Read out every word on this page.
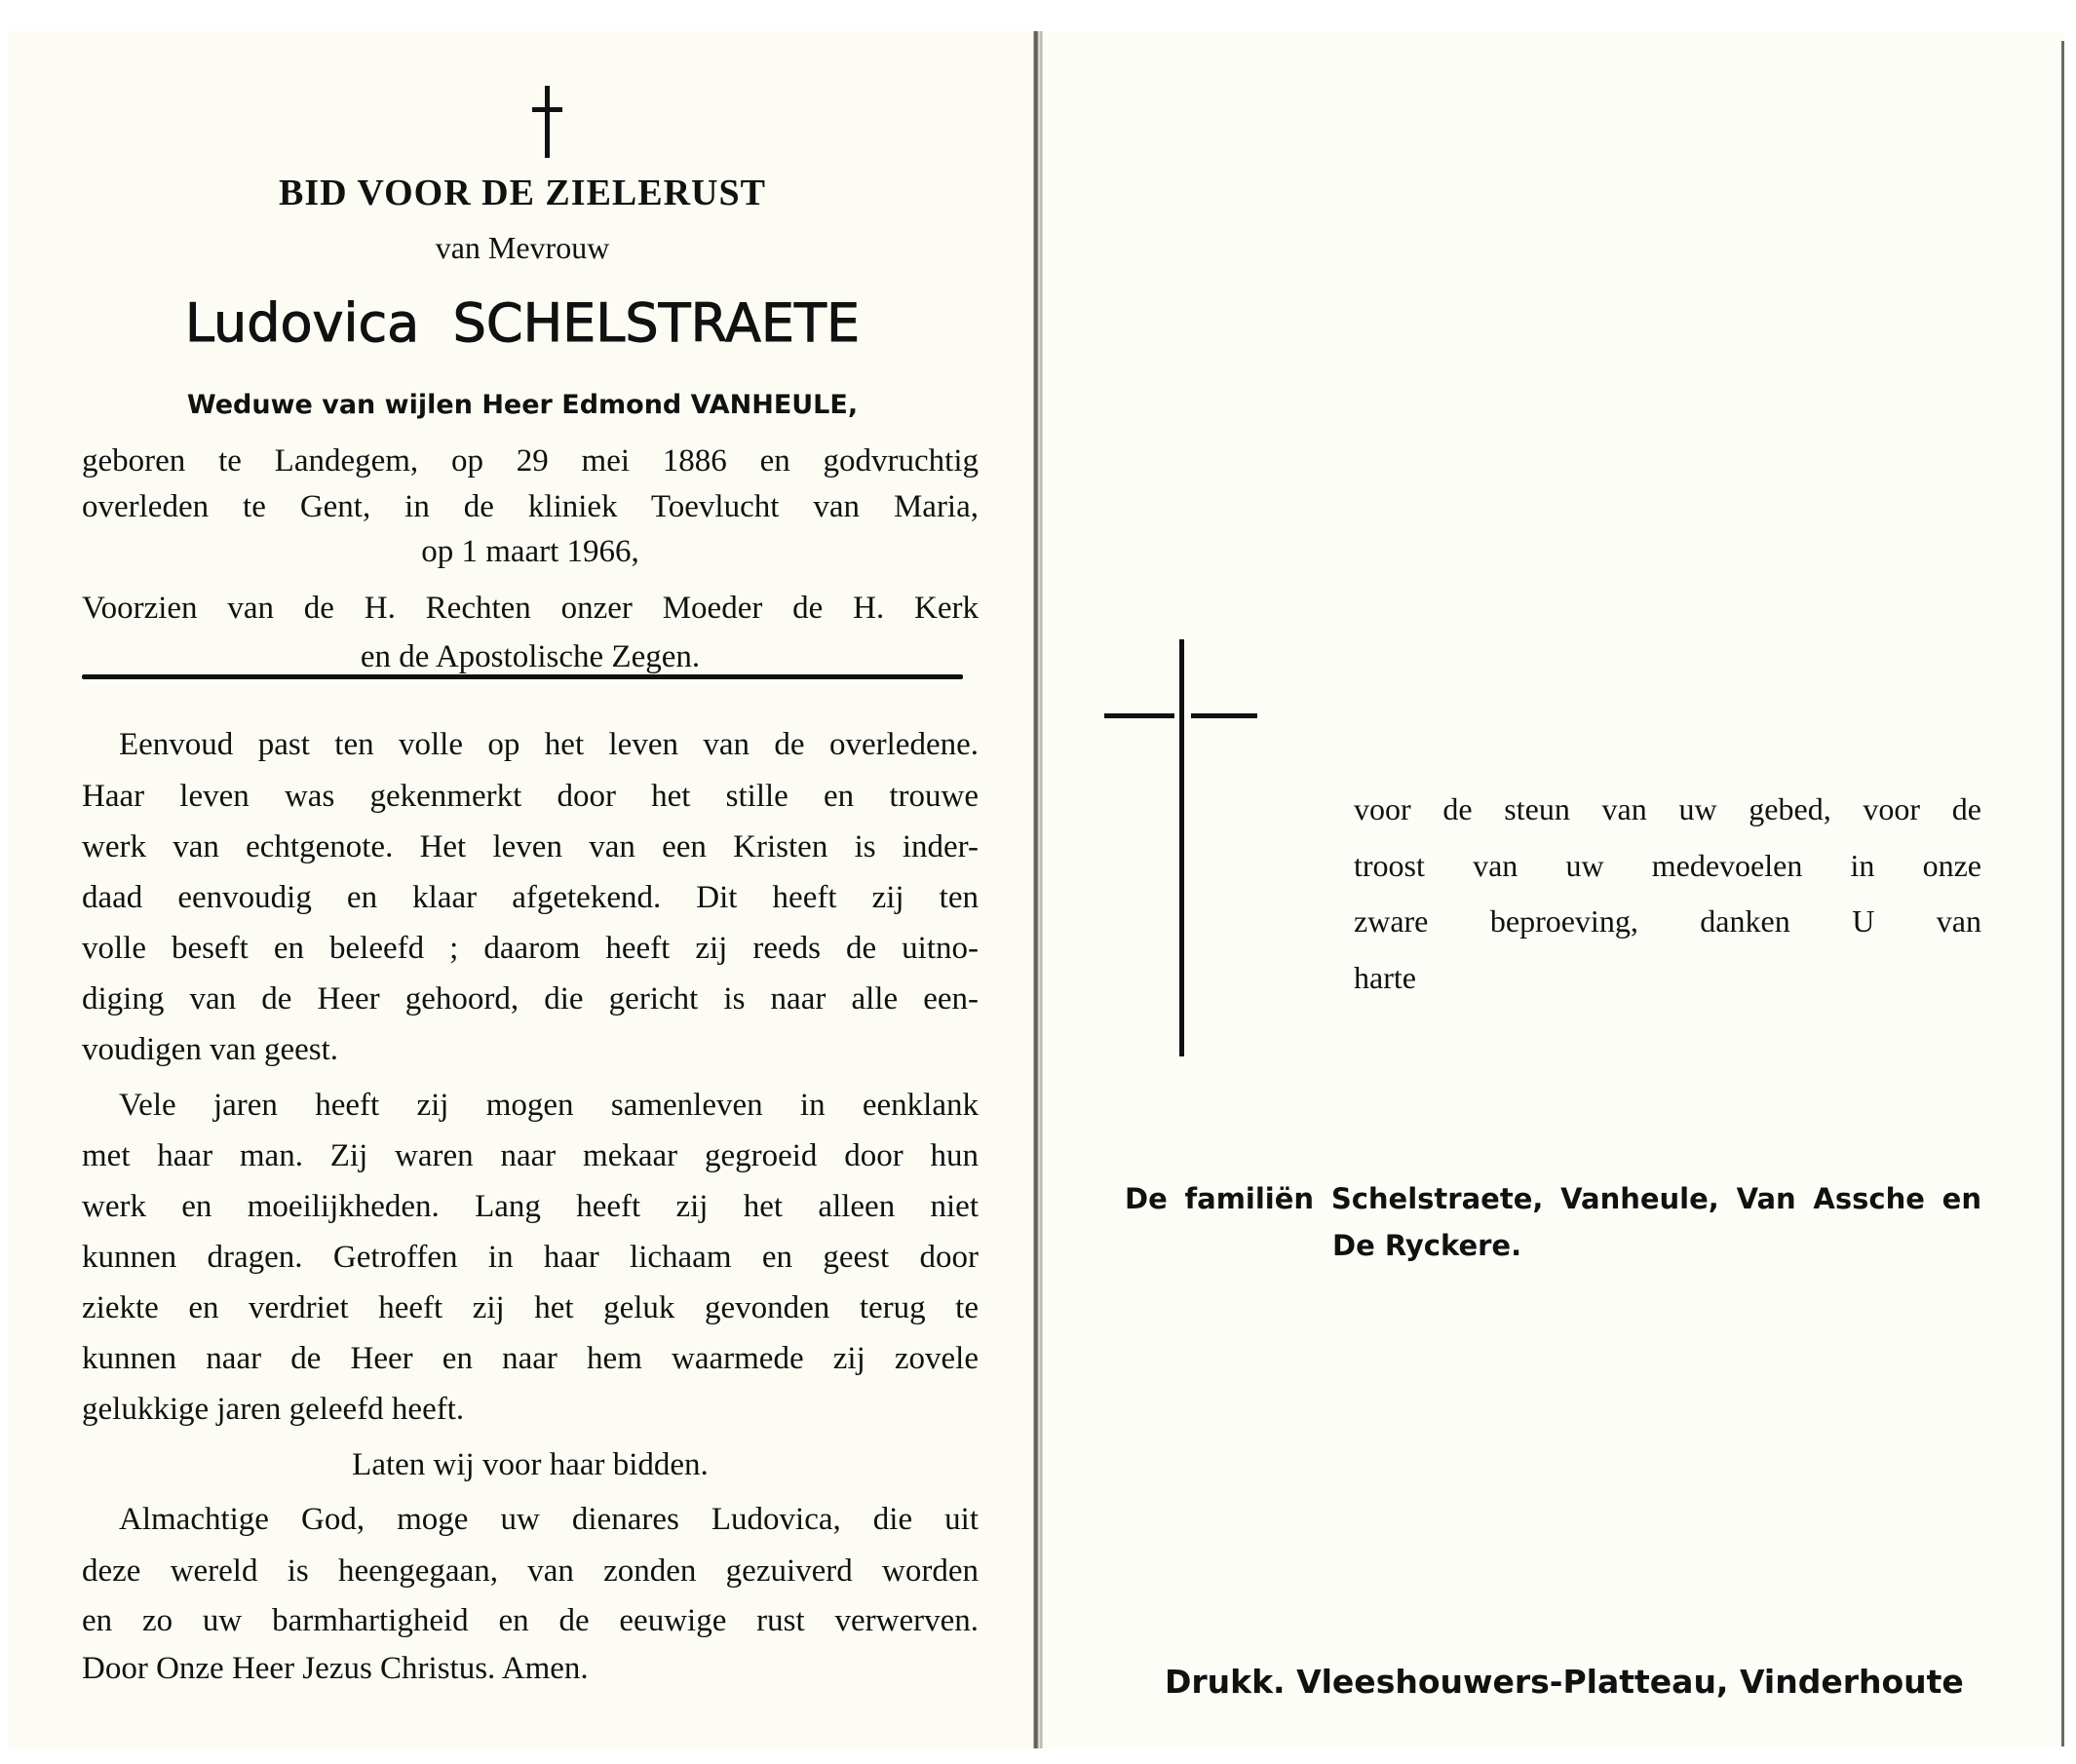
BID VOOR DE ZIELERUST
van Mevrouw
Ludovica  SCHELSTRAETE
Weduwe van wijlen Heer Edmond VANHEULE,
geboren te Landegem, op 29 mei 1886 en godvruchtig
overleden te Gent, in de kliniek Toevlucht van Maria,
op 1 maart 1966,
Voorzien van de H. Rechten onzer Moeder de H. Kerk
en de Apostolische Zegen.
Eenvoud past ten volle op het leven van de overledene.
Haar leven was gekenmerkt door het stille en trouwe
werk van echtgenote. Het leven van een Kristen is inder-
daad eenvoudig en klaar afgetekend. Dit heeft zij ten
volle beseft en beleefd ; daarom heeft zij reeds de uitno-
diging van de Heer gehoord, die gericht is naar alle een-
voudigen van geest.
Vele jaren heeft zij mogen samenleven in eenklank
met haar man. Zij waren naar mekaar gegroeid door hun
werk en moeilijkheden. Lang heeft zij het alleen niet
kunnen dragen. Getroffen in haar lichaam en geest door
ziekte en verdriet heeft zij het geluk gevonden terug te
kunnen naar de Heer en naar hem waarmede zij zovele
gelukkige jaren geleefd heeft.
Laten wij voor haar bidden.
Almachtige God, moge uw dienares Ludovica, die uit
deze wereld is heengegaan, van zonden gezuiverd worden
en zo uw barmhartigheid en de eeuwige rust verwerven.
Door Onze Heer Jezus Christus. Amen.
voor de steun van uw gebed, voor de
troost van uw medevoelen in onze
zware beproeving, danken U van
harte
De familiën Schelstraete, Vanheule, Van Assche en
De Ryckere.
Drukk. Vleeshouwers-Platteau, Vinderhoute
